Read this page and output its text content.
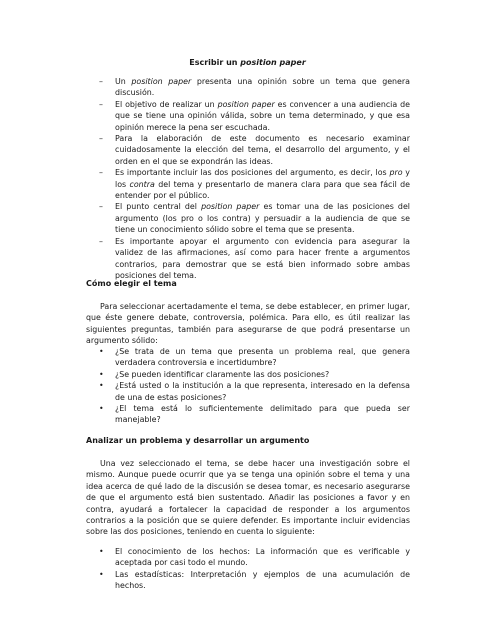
Escribir un position paper
– Un position paper presenta una opinión sobre un tema que genera discusión.
– El objetivo de realizar un position paper es convencer a una audiencia de que se tiene una opinión válida, sobre un tema determinado, y que esa opinión merece la pena ser escuchada.
– Para la elaboración de este documento es necesario examinar cuidadosamente la elección del tema, el desarrollo del argumento, y el orden en el que se expondrán las ideas.
– Es importante incluir las dos posiciones del argumento, es decir, los pro y los contra del tema y presentarlo de manera clara para que sea fácil de entender por el público.
– El punto central del position paper es tomar una de las posiciones del argumento (los pro o los contra) y persuadir a la audiencia de que se tiene un conocimiento sólido sobre el tema que se presenta.
– Es importante apoyar el argumento con evidencia para asegurar la validez de las afirmaciones, así como para hacer frente a argumentos contrarios, para demostrar que se está bien informado sobre ambas posiciones del tema.
Cómo elegir el tema

Para seleccionar acertadamente el tema, se debe establecer, en primer lugar, que éste genere debate, controversia, polémica. Para ello, es útil realizar las siguientes preguntas, también para asegurarse de que podrá presentarse un argumento sólido:

• ¿Se trata de un tema que presenta un problema real, que genera verdadera controversia e incertidumbre?
• ¿Se pueden identificar claramente las dos posiciones?
• ¿Está usted o la institución a la que representa, interesado en la defensa de una de estas posiciones?
• ¿El tema está lo suficientemente delimitado para que pueda ser manejable?
Analizar un problema y desarrollar un argumento

Una vez seleccionado el tema, se debe hacer una investigación sobre el mismo. Aunque puede ocurrir que ya se tenga una opinión sobre el tema y una idea acerca de qué lado de la discusión se desea tomar, es necesario asegurarse de que el argumento está bien sustentado. Añadir las posiciones a favor y en contra, ayudará a fortalecer la capacidad de responder a los argumentos contrarios a la posición que se quiere defender. Es importante incluir evidencias sobre las dos posiciones, teniendo en cuenta lo siguiente:

• El conocimiento de los hechos: La información que es verificable y aceptada por casi todo el mundo.
• Las estadísticas: Interpretación y ejemplos de una acumulación de hechos.
